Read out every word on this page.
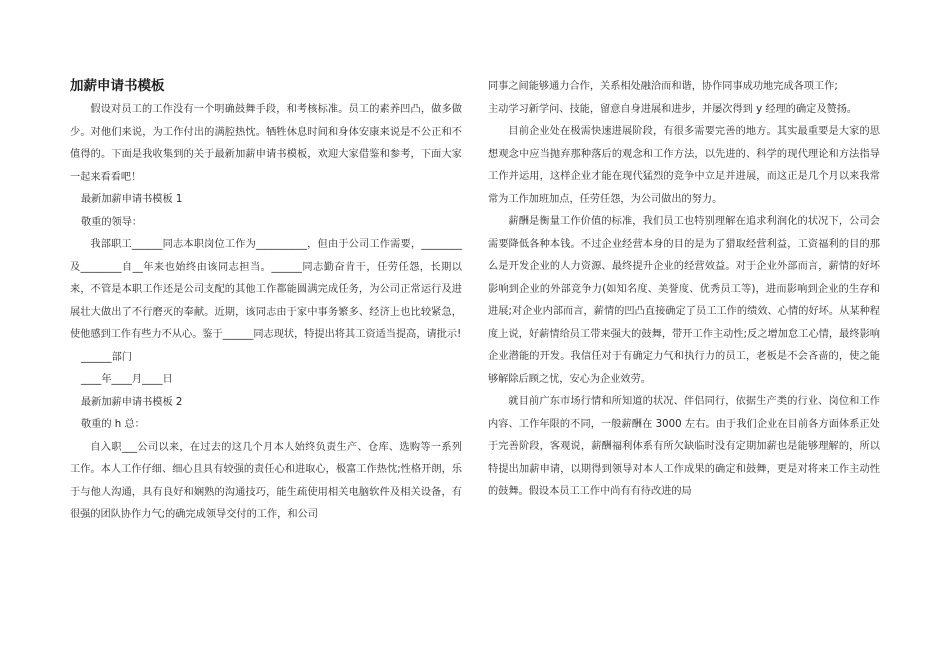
加薪申请书模板

假设对员工的工作没有一个明确鼓舞手段，和考核标准。员工的素养凹凸，做多做少。对他们来说，为工作付出的满腔热忱。牺牲休息时间和身体安康来说是不公正和不值得的。下面是我收集到的关于最新加薪申请书模板，欢迎大家借鉴和参考，下面大家一起来看看吧！

最新加薪申请书模板 1

敬重的领导：

我部职工______同志本职岗位工作为__________，但由于公司工作需要，________及________自__年来也始终由该同志担当。______同志勤奋肯干，任劳任怨，长期以来，不管是本职工作还是公司支配的其他工作都能圆满完成任务，为公司正常运行及进展壮大做出了不行磨灭的奉献。近期，该同志由于家中事务繁多、经济上也比较紧急，使他感到工作有些力不从心。鉴于______同志现状，特提出将其工资适当提高，请批示!

______部门

____年____月____日

最新加薪申请书模板 2

敬重的 h 总：

自入职___公司以来，在过去的这几个月本人始终负责生产、仓库、选购等一系列工作。本人工作仔细、细心且具有较强的责任心和进取心，极富工作热忱;性格开朗，乐于与他人沟通，具有良好和娴熟的沟通技巧，能生疏使用相关电脑软件及相关设备，有很强的团队协作力气;的确完成领导交付的工作，和公司

同事之间能够通力合作，关系相处融洽而和谐，协作同事成功地完成各项工作;

主动学习新学问、技能，留意自身进展和进步，并屡次得到 y 经理的确定及赞扬。

目前企业处在极需快速进展阶段，有很多需要完善的地方。其实最重要是大家的思想观念中应当抛弃那种落后的观念和工作方法，以先进的、科学的现代理论和方法指导工作并运用，这样企业才能在现代猛烈的竞争中立足并进展，而这正是几个月以来我常常为工作加班加点，任劳任怨，为公司做出的努力。

薪酬是衡量工作价值的标准，我们员工也特别理解在追求利润化的状况下，公司会需要降低各种本钱。不过企业经营本身的目的是为了猎取经营利益，工资福利的目的那么是开发企业的人力资源、最终提升企业的经营效益。对于企业外部而言，薪情的好坏影响到企业的外部竞争力(如知名度、美誉度、优秀员工等)，进而影响到企业的生存和进展;对企业内部而言，薪情的凹凸直接确定了员工工作的绩效、心情的好坏。从某种程度上说，好薪情给员工带来强大的鼓舞，带开工作主动性;反之增加怠工心情，最终影响企业潜能的开发。我信任对于有确定力气和执行力的员工，老板是不会吝啬的，使之能够解除后顾之忧，安心为企业效劳。

就目前广东市场行情和所知道的状况、伴侣同行，依据生产类的行业、岗位和工作内容、工作年限的不同，一般薪酬在 3000 左右。由于我们企业在目前各方面体系正处于完善阶段，客观说，薪酬福利体系有所欠缺临时没有定期加薪也是能够理解的，所以特提出加薪申请，以期得到领导对本人工作成果的确定和鼓舞，更是对将来工作主动性的鼓舞。假设本员工工作中尚有有待改进的局
